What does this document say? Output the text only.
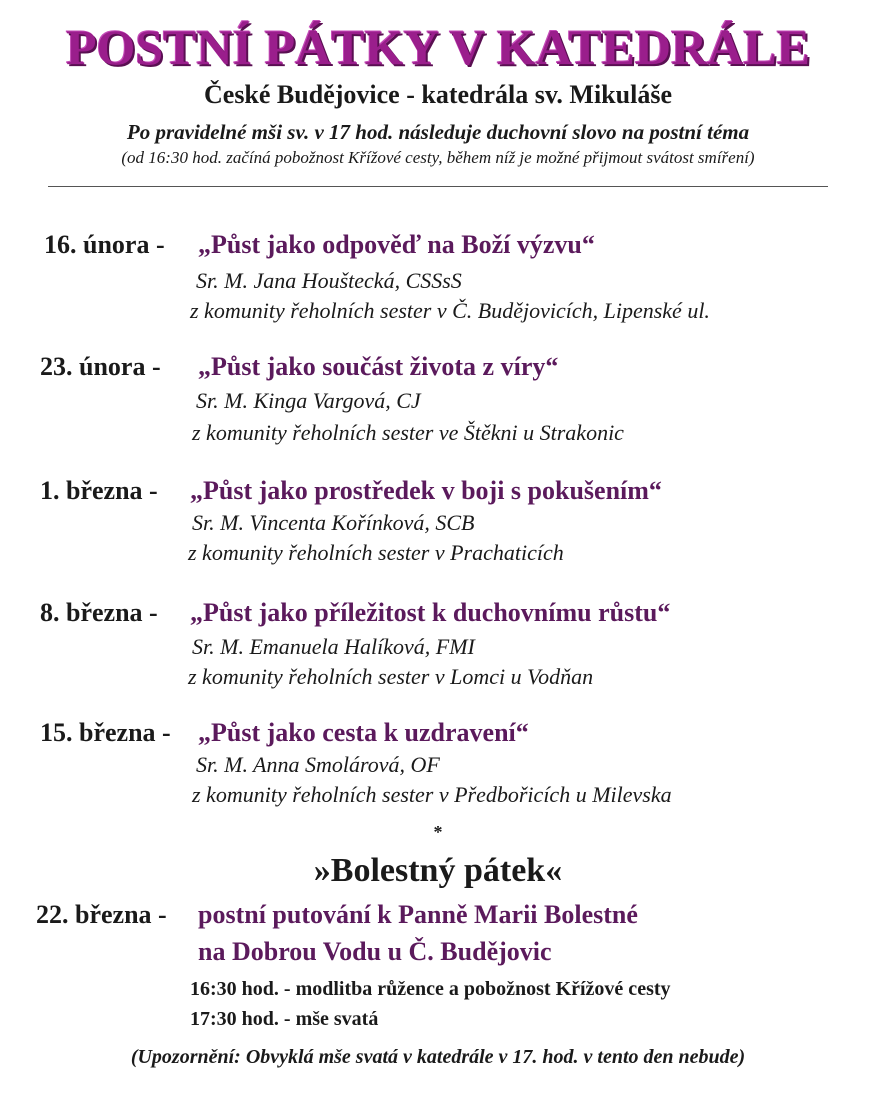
POSTNÍ PÁTKY V KATEDRÁLE
České Budějovice - katedrála sv. Mikuláše
Po pravidelné mši sv. v 17 hod. následuje duchovní slovo na postní téma
(od 16:30 hod. začíná pobožnost Křížové cesty, během níž je možné přijmout svátost smíření)
16. února - „Půst jako odpověď na Boží výzvu“
Sr. M. Jana Houštecká, CSSsS
z komunity řeholních sester v Č. Budějovicích, Lipenské ul.
23. února - „Půst jako součást života z víry“
Sr. M. Kinga Vargová, CJ
z komunity řeholních sester ve Štěkni u Strakonic
1. března - „Půst jako prostředek v boji s pokušením“
Sr. M. Vincenta Kořínková, SCB
z komunity řeholních sester v Prachaticích
8. března - „Půst jako příležitost k duchovnímu růstu“
Sr. M. Emanuela Halíková, FMI
z komunity řeholních sester v Lomci u Vodňan
15. března - „Půst jako cesta k uzdravení“
Sr. M. Anna Smolárová, OF
z komunity řeholních sester v Předbořicích u Milevska
*
»Bolestný pátek«
22. března - postní putování k Panně Marii Bolestné
na Dobrou Vodu u Č. Budějovic
16:30 hod. - modlitba růžence a pobožnost Křížové cesty
17:30 hod. - mše svatá
(Upozornění: Obvyklá mše svatá v katedrále v 17. hod. v tento den nebude)
